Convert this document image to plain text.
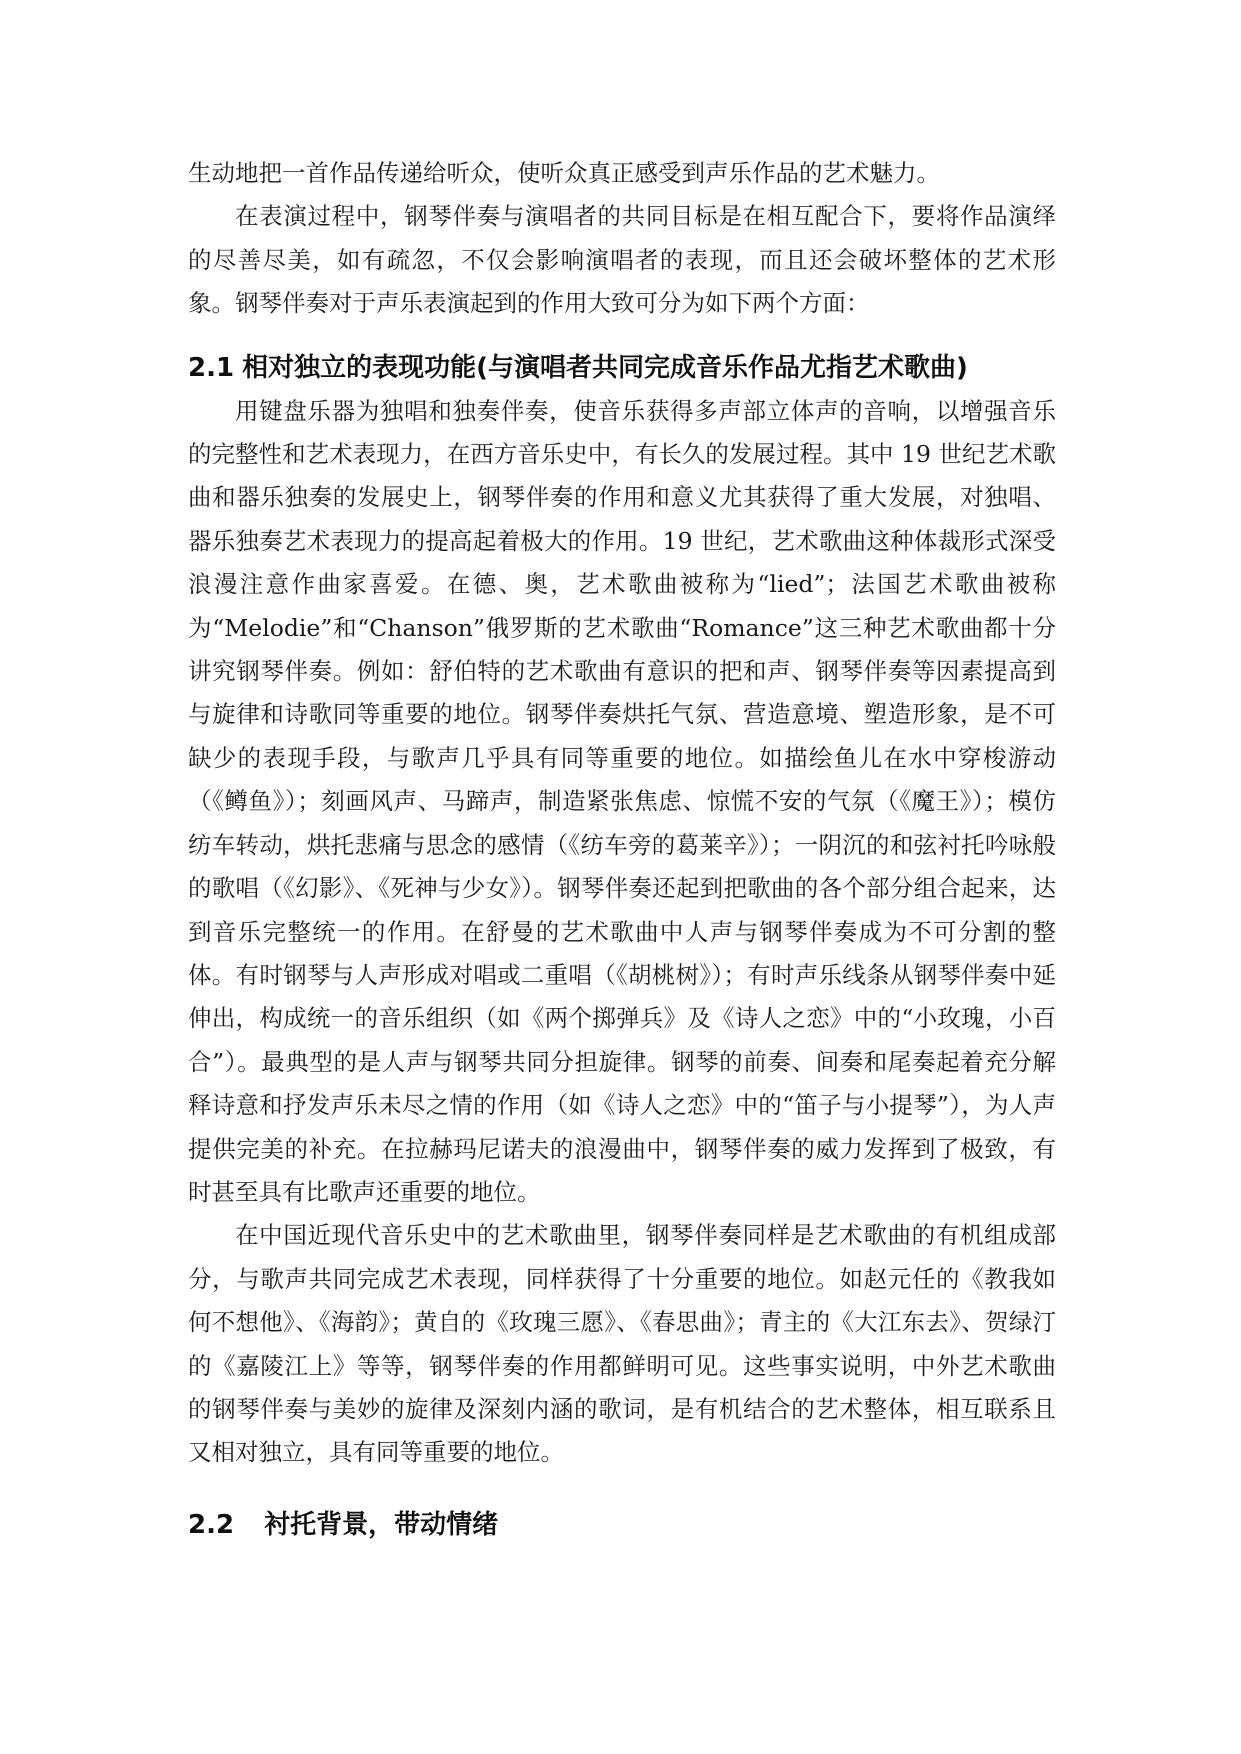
生动地把一首作品传递给听众，使听众真正感受到声乐作品的艺术魅力。

在表演过程中，钢琴伴奏与演唱者的共同目标是在相互配合下，要将作品演绎的尽善尽美，如有疏忽，不仅会影响演唱者的表现，而且还会破坏整体的艺术形象。钢琴伴奏对于声乐表演起到的作用大致可分为如下两个方面：

2.1 相对独立的表现功能(与演唱者共同完成音乐作品尤指艺术歌曲)

用键盘乐器为独唱和独奏伴奏，使音乐获得多声部立体声的音响，以增强音乐的完整性和艺术表现力，在西方音乐史中，有长久的发展过程。其中 19 世纪艺术歌曲和器乐独奏的发展史上，钢琴伴奏的作用和意义尤其获得了重大发展，对独唱、器乐独奏艺术表现力的提高起着极大的作用。19 世纪，艺术歌曲这种体裁形式深受浪漫注意作曲家喜爱。在德、奥，艺术歌曲被称为“lied”；法国艺术歌曲被称为“Melodie”和“Chanson”俄罗斯的艺术歌曲“Romance”这三种艺术歌曲都十分讲究钢琴伴奏。例如：舒伯特的艺术歌曲有意识的把和声、钢琴伴奏等因素提高到与旋律和诗歌同等重要的地位。钢琴伴奏烘托气氛、营造意境、塑造形象，是不可缺少的表现手段，与歌声几乎具有同等重要的地位。如描绘鱼儿在水中穿梭游动（《鳟鱼》）；刻画风声、马蹄声，制造紧张焦虑、惊慌不安的气氛（《魔王》）；模仿纺车转动，烘托悲痛与思念的感情（《纺车旁的葛莱辛》）；一阴沉的和弦衬托吟咏般的歌唱（《幻影》、《死神与少女》）。钢琴伴奏还起到把歌曲的各个部分组合起来，达到音乐完整统一的作用。在舒曼的艺术歌曲中人声与钢琴伴奏成为不可分割的整体。有时钢琴与人声形成对唱或二重唱（《胡桃树》）；有时声乐线条从钢琴伴奏中延伸出，构成统一的音乐组织（如《两个掷弹兵》及《诗人之恋》中的“小玫瑰，小百合”）。最典型的是人声与钢琴共同分担旋律。钢琴的前奏、间奏和尾奏起着充分解释诗意和抒发声乐未尽之情的作用（如《诗人之恋》中的“笛子与小提琴”），为人声提供完美的补充。在拉赫玛尼诺夫的浪漫曲中，钢琴伴奏的威力发挥到了极致，有时甚至具有比歌声还重要的地位。

在中国近现代音乐史中的艺术歌曲里，钢琴伴奏同样是艺术歌曲的有机组成部分，与歌声共同完成艺术表现，同样获得了十分重要的地位。如赵元任的《教我如何不想他》、《海韵》；黄自的《玫瑰三愿》、《春思曲》；青主的《大江东去》、贺绿汀的《嘉陵江上》等等，钢琴伴奏的作用都鲜明可见。这些事实说明，中外艺术歌曲的钢琴伴奏与美妙的旋律及深刻内涵的歌词，是有机结合的艺术整体，相互联系且又相对独立，具有同等重要的地位。

2.2 衬托背景，带动情绪
